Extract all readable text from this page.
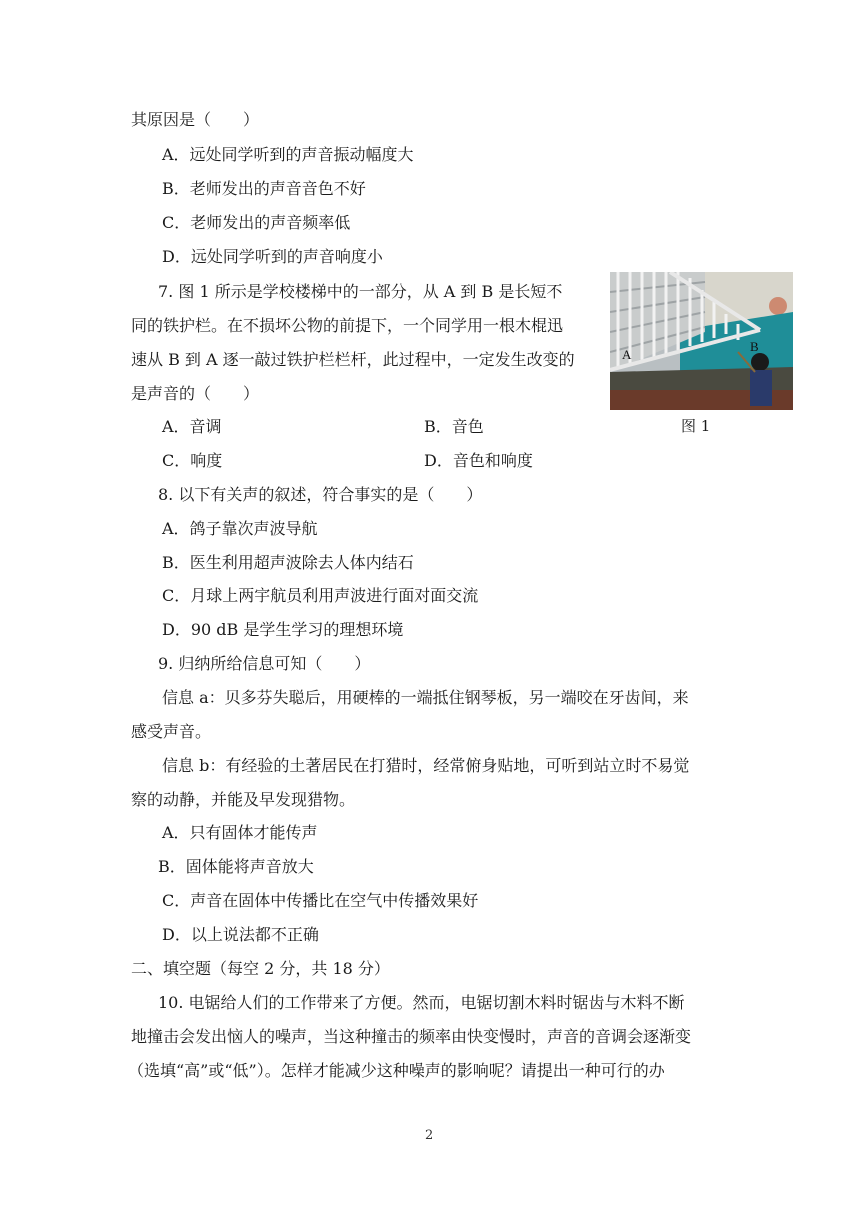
其原因是（　　）
A．远处同学听到的声音振动幅度大
B．老师发出的声音音色不好
C．老师发出的声音频率低
D．远处同学听到的声音响度小
7. 图 1 所示是学校楼梯中的一部分，从 A 到 B 是长短不
同的铁护栏。在不损坏公物的前提下，一个同学用一根木棍迅
速从 B 到 A 逐一敲过铁护栏栏杆，此过程中，一定发生改变的
是声音的（　　）
A．音调	B．音色
C．响度	D．音色和响度
A
B
图 1
8. 以下有关声的叙述，符合事实的是（　　）
A．鸽子靠次声波导航
B．医生利用超声波除去人体内结石
C．月球上两宇航员利用声波进行面对面交流
D．90 dB 是学生学习的理想环境
9. 归纳所给信息可知（　　）
信息 a：贝多芬失聪后，用硬棒的一端抵住钢琴板，另一端咬在牙齿间，来
感受声音。
信息 b：有经验的土著居民在打猎时，经常俯身贴地，可听到站立时不易觉
察的动静，并能及早发现猎物。
A．只有固体才能传声
B．固体能将声音放大
C．声音在固体中传播比在空气中传播效果好
D．以上说法都不正确
二、填空题（每空 2 分，共 18 分）
10. 电锯给人们的工作带来了方便。然而，电锯切割木料时锯齿与木料不断
地撞击会发出恼人的噪声，当这种撞击的频率由快变慢时，声音的音调会逐渐变
（选填“高”或“低”）。怎样才能减少这种噪声的影响呢？请提出一种可行的办
2
